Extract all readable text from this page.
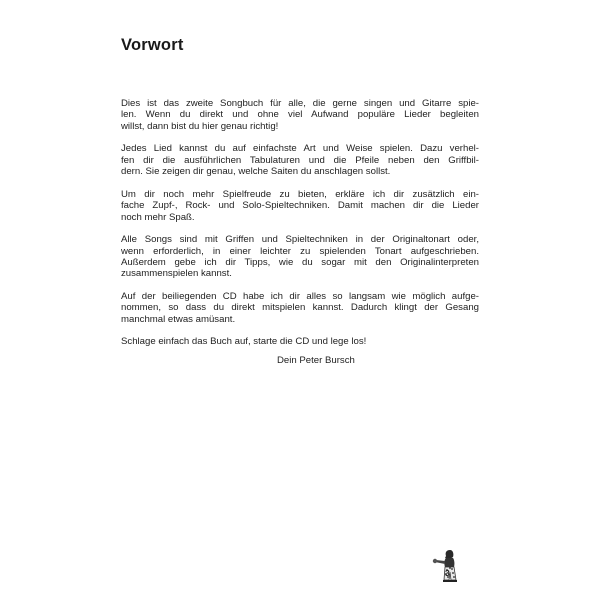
Vorwort

Dies ist das zweite Songbuch für alle, die gerne singen und Gitarre spie-
len. Wenn du direkt und ohne viel Aufwand populäre Lieder begleiten
willst, dann bist du hier genau richtig!

Jedes Lied kannst du auf einfachste Art und Weise spielen. Dazu verhel-
fen dir die ausführlichen Tabulaturen und die Pfeile neben den Griffbil-
dern. Sie zeigen dir genau, welche Saiten du anschlagen sollst.

Um dir noch mehr Spielfreude zu bieten, erkläre ich dir zusätzlich ein-
fache Zupf-, Rock- und Solo-Spieltechniken. Damit machen dir die Lieder
noch mehr Spaß.

Alle Songs sind mit Griffen und Spieltechniken in der Originaltonart oder,
wenn erforderlich, in einer leichter zu spielenden Tonart aufgeschrieben.
Außerdem gebe ich dir Tipps, wie du sogar mit den Originalinterpreten
zusammenspielen kannst.

Auf der beiliegenden CD habe ich dir alles so langsam wie möglich aufge-
nommen, so dass du direkt mitspielen kannst. Dadurch klingt der Gesang
manchmal etwas amüsant.

Schlage einfach das Buch auf, starte die CD und lege los!

Dein Peter Bursch
3
